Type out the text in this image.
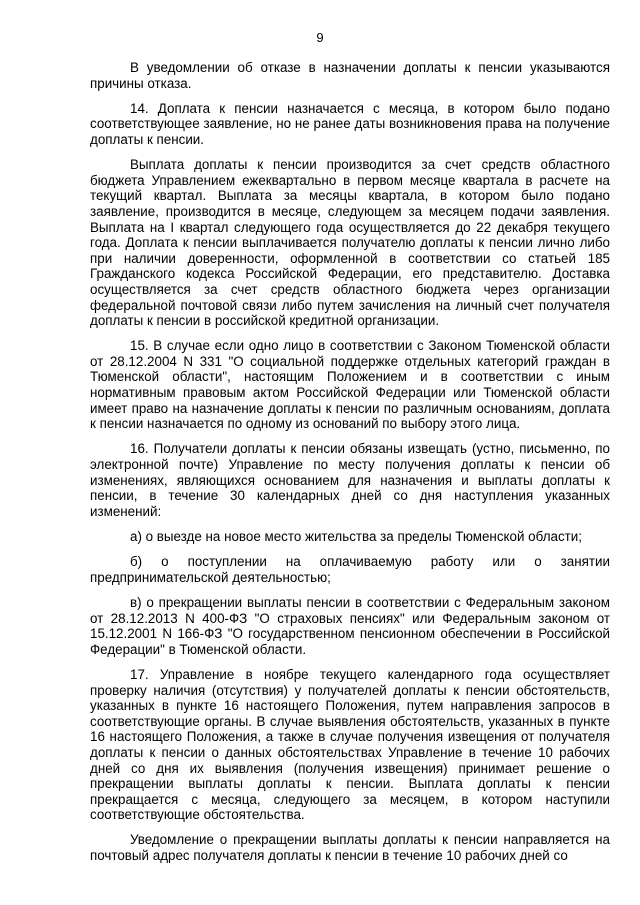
9

В уведомлении об отказе в назначении доплаты к пенсии указываются причины отказа.

14. Доплата к пенсии назначается с месяца, в котором было подано соответствующее заявление, но не ранее даты возникновения права на получение доплаты к пенсии.

Выплата доплаты к пенсии производится за счет средств областного бюджета Управлением ежеквартально в первом месяце квартала в расчете на текущий квартал. Выплата за месяцы квартала, в котором было подано заявление, производится в месяце, следующем за месяцем подачи заявления. Выплата на I квартал следующего года осуществляется до 22 декабря текущего года. Доплата к пенсии выплачивается получателю доплаты к пенсии лично либо при наличии доверенности, оформленной в соответствии со статьей 185 Гражданского кодекса Российской Федерации, его представителю. Доставка осуществляется за счет средств областного бюджета через организации федеральной почтовой связи либо путем зачисления на личный счет получателя доплаты к пенсии в российской кредитной организации.

15. В случае если одно лицо в соответствии с Законом Тюменской области от 28.12.2004 N 331 "О социальной поддержке отдельных категорий граждан в Тюменской области", настоящим Положением и в соответствии с иным нормативным правовым актом Российской Федерации или Тюменской области имеет право на назначение доплаты к пенсии по различным основаниям, доплата к пенсии назначается по одному из оснований по выбору этого лица.

16. Получатели доплаты к пенсии обязаны извещать (устно, письменно, по электронной почте) Управление по месту получения доплаты к пенсии об изменениях, являющихся основанием для назначения и выплаты доплаты к пенсии, в течение 30 календарных дней со дня наступления указанных изменений:

а) о выезде на новое место жительства за пределы Тюменской области;

б) о поступлении на оплачиваемую работу или о занятии предпринимательской деятельностью;

в) о прекращении выплаты пенсии в соответствии с Федеральным законом от 28.12.2013 N 400-ФЗ "О страховых пенсиях" или Федеральным законом от 15.12.2001 N 166-ФЗ "О государственном пенсионном обеспечении в Российской Федерации" в Тюменской области.

17. Управление в ноябре текущего календарного года осуществляет проверку наличия (отсутствия) у получателей доплаты к пенсии обстоятельств, указанных в пункте 16 настоящего Положения, путем направления запросов в соответствующие органы. В случае выявления обстоятельств, указанных в пункте 16 настоящего Положения, а также в случае получения извещения от получателя доплаты к пенсии о данных обстоятельствах Управление в течение 10 рабочих дней со дня их выявления (получения извещения) принимает решение о прекращении выплаты доплаты к пенсии. Выплата доплаты к пенсии прекращается с месяца, следующего за месяцем, в котором наступили соответствующие обстоятельства.

Уведомление о прекращении выплаты доплаты к пенсии направляется на почтовый адрес получателя доплаты к пенсии в течение 10 рабочих дней со
